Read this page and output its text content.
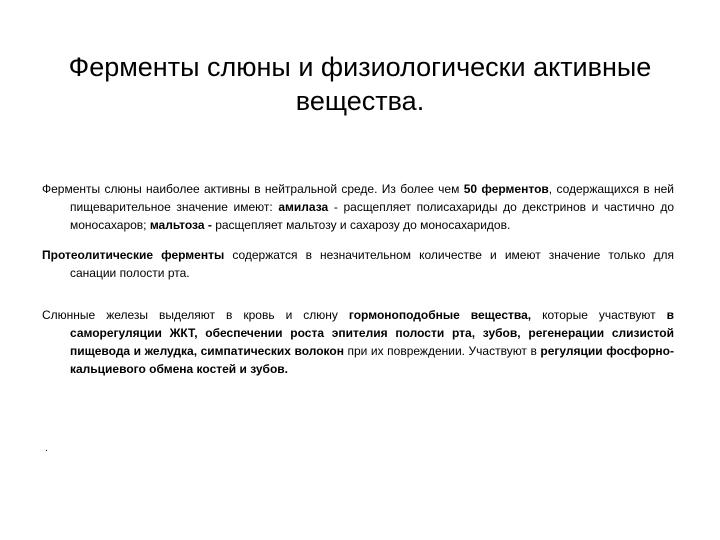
Ферменты слюны и физиологически активные вещества.

Ферменты слюны наиболее активны в нейтральной среде. Из более чем 50 ферментов, содержащихся в ней пищеварительное значение имеют: амилаза - расщепляет полисахариды до декстринов и частично до моносахаров; мальтоза - расщепляет мальтозу и сахарозу до моносахаридов.

Протеолитические ферменты содержатся в незначительном количестве и имеют значение только для санации полости рта.

Слюнные железы выделяют в кровь и слюну гормоноподобные вещества, которые участвуют в саморегуляции ЖКТ, обеспечении роста эпителия полости рта, зубов, регенерации слизистой пищевода и желудка, симпатических волокон при их повреждении. Участвуют в регуляции фосфорно-кальциевого обмена костей и зубов.

.
